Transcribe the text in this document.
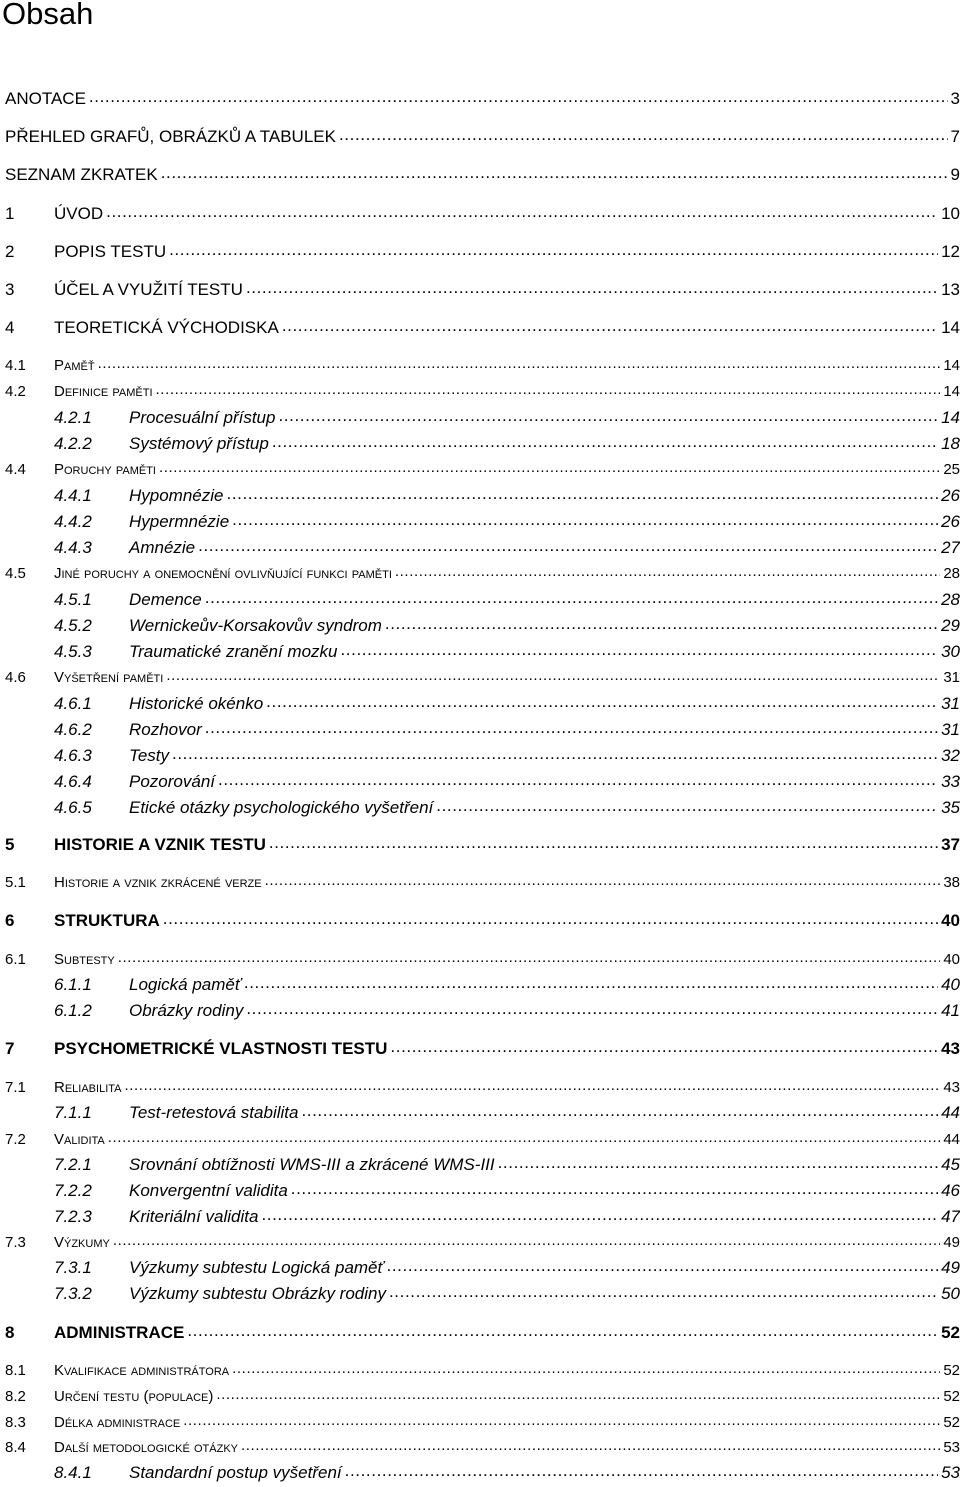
Obsah
ANOTACE .....	3
PŘEHLED GRAFŮ, OBRÁZKŮ A TABULEK .....	7
SEZNAM ZKRATEK .....	9
1	ÚVOD .....	10
2	POPIS TESTU .....	12
3	ÚČEL A VYUŽITÍ TESTU .....	13
4	TEORETICKÁ VÝCHODISKA .....	14
4.1	Paměť .....	14
4.2	Definice paměti .....	14
4.2.1	Procesuální přístup .....	14
4.2.2	Systémový přístup .....	18
4.4	Poruchy paměti .....	25
4.4.1	Hypomnézie .....	26
4.4.2	Hypermnézie .....	26
4.4.3	Amnézie .....	27
4.5	Jiné poruchy a onemocnění ovlivňující funkci paměti .....	28
4.5.1	Demence .....	28
4.5.2	Wernickeův-Korsakovův syndrom .....	29
4.5.3	Traumatické zranění mozku .....	30
4.6	Vyšetření paměti .....	31
4.6.1	Historické okénko .....	31
4.6.2	Rozhovor .....	31
4.6.3	Testy .....	32
4.6.4	Pozorování .....	33
4.6.5	Etické otázky psychologického vyšetření .....	35
5	HISTORIE A VZNIK TESTU .....	37
5.1	Historie a vznik zkrácené verze .....	38
6	STRUKTURA .....	40
6.1	Subtesty .....	40
6.1.1	Logická paměť .....	40
6.1.2	Obrázky rodiny .....	41
7	PSYCHOMETRICKÉ VLASTNOSTI TESTU .....	43
7.1	Reliabilita .....	43
7.1.1	Test-retestová stabilita .....	44
7.2	Validita .....	44
7.2.1	Srovnání obtížnosti WMS-III a zkrácené WMS-III .....	45
7.2.2	Konvergentní validita .....	46
7.2.3	Kriteriální validita .....	47
7.3	Výzkumy .....	49
7.3.1	Výzkumy subtestu Logická paměť .....	49
7.3.2	Výzkumy subtestu Obrázky rodiny .....	50
8	ADMINISTRACE .....	52
8.1	Kvalifikace administrátora .....	52
8.2	Určení testu (populace) .....	52
8.3	Délka administrace .....	52
8.4	Další metodologické otázky .....	53
8.4.1	Standardní postup vyšetření .....	53
